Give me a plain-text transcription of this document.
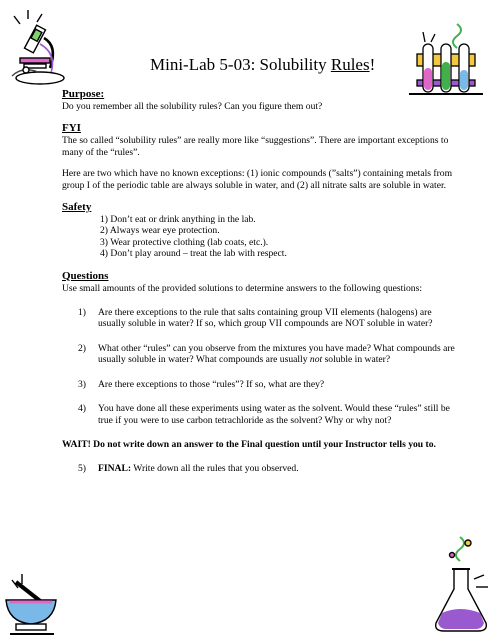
Mini-Lab 5-03: Solubility Rules!

Purpose:

Do you remember all the solubility rules? Can you figure them out?

FYI

The so called “solubility rules” are really more like “suggestions”. There are important exceptions to many of the “rules”.

Here are two which have no known exceptions: (1) ionic compounds (”salts”) containing metals from group I of the periodic table are always soluble in water, and (2) all nitrate salts are soluble in water.

Safety

1) Don’t eat or drink anything in the lab.
2) Always wear eye protection.
3) Wear protective clothing (lab coats, etc.).
4) Don’t play around – treat the lab with respect.

Questions

Use small amounts of the provided solutions to determine answers to the following questions:

1)	Are there exceptions to the rule that salts containing group VII elements (halogens) are usually soluble in water? If so, which group VII compounds are NOT soluble in water?
2)	What other “rules” can you observe from the mixtures you have made? What compounds are usually soluble in water? What compounds are usually not soluble in water?
3)	Are there exceptions to those “rules”? If so, what are they?
4)	You have done all these experiments using water as the solvent. Would these “rules” still be true if you were to use carbon tetrachloride as the solvent? Why or why not?

WAIT! Do not write down an answer to the Final question until your Instructor tells you to.

5)	FINAL: Write down all the rules that you observed.
